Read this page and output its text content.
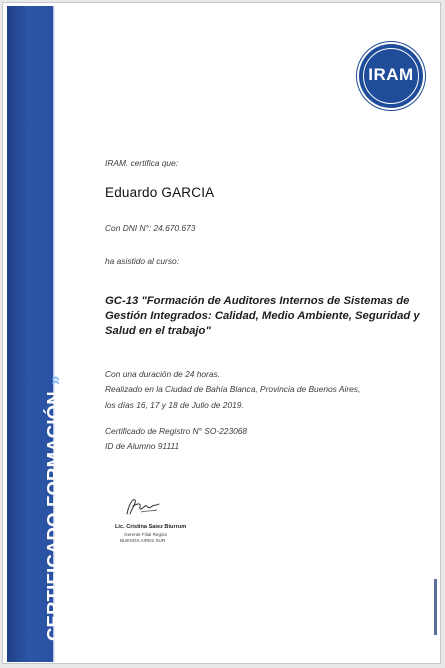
CERTIFICADO FORMACIÓN»
IRAM
IRAM. certifica que:
Eduardo GARCIA
Con DNI N°: 24.670.673
ha asistido al curso:
GC-13 "Formación de Auditores Internos de Sistemas de
Gestión Integrados: Calidad, Medio Ambiente, Seguridad y
Salud en el trabajo"
Con una duración de 24 horas.
Realizado en la Ciudad de Bahía Blanca, Provincia de Buenos Aires,
los días 16, 17 y 18 de Julio de 2019.
Certificado de Registro N° SO-223068
ID de Alumno 91111
Lic. Cristina Saiez Biurrum
Gerente Filial Región
BUENOS AIRES SUR
